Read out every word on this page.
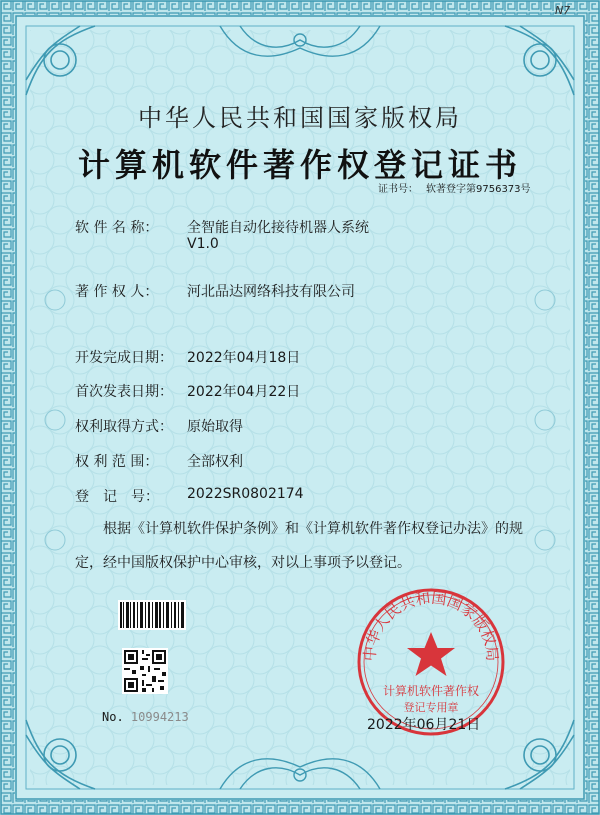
N7
中华人民共和国国家版权局
计算机软件著作权登记证书
证书号： 软著登字第9756373号
软 件 名 称： 全智能自动化接待机器人系统
V1.0
著 作 权 人： 河北品达网络科技有限公司
开发完成日期： 2022年04月18日
首次发表日期： 2022年04月22日
权利取得方式： 原始取得
权 利 范 围： 全部权利
登　记　号： 2022SR0802174
根据《计算机软件保护条例》和《计算机软件著作权登记办法》的规定，经中国版权保护中心审核，对以上事项予以登记。
No. 10994213
中华人民共和国国家版权局
计算机软件著作权
登记专用章
2022年06月21日
